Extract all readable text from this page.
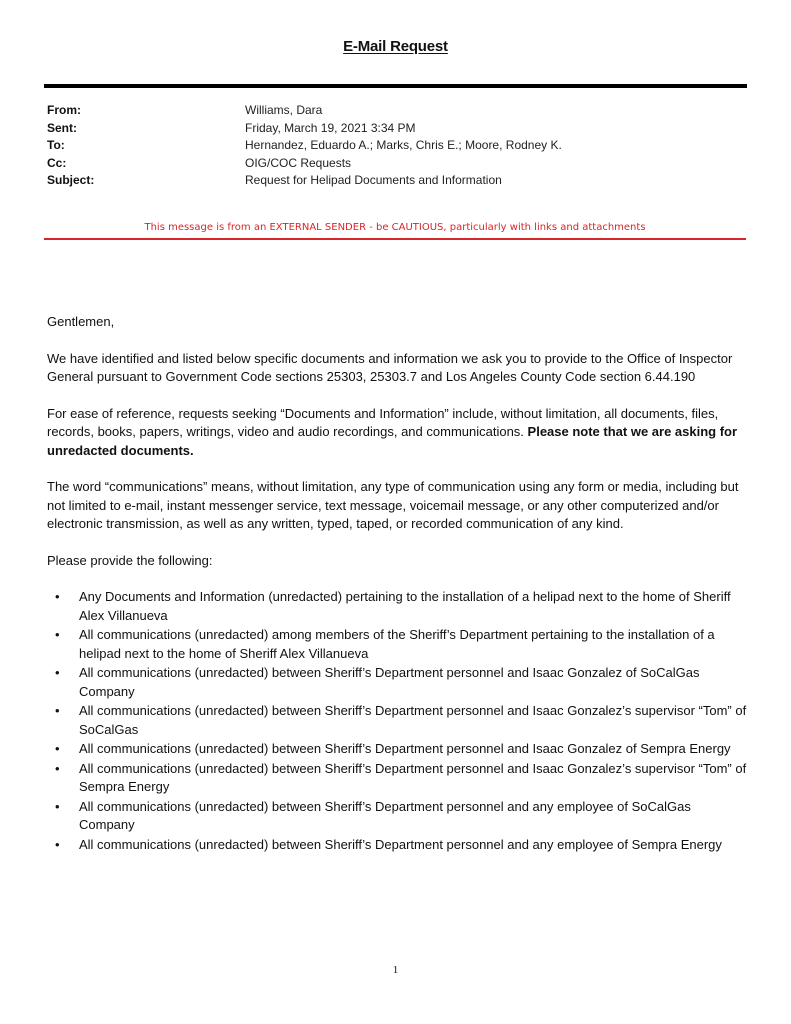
E-Mail Request
From:	Williams, Dara
Sent:	Friday, March 19, 2021 3:34 PM
To:	Hernandez, Eduardo A.; Marks, Chris E.; Moore, Rodney K.
Cc:	OIG/COC Requests
Subject:	Request for Helipad Documents and Information
This message is from an EXTERNAL SENDER - be CAUTIOUS, particularly with links and attachments

Gentlemen,

We have identified and listed below specific documents and information we ask you to provide to the Office of Inspector General pursuant to Government Code sections 25303, 25303.7 and Los Angeles County Code section 6.44.190

For ease of reference, requests seeking “Documents and Information” include, without limitation, all documents, files, records, books, papers, writings, video and audio recordings, and communications. Please note that we are asking for unredacted documents.

The word “communications” means, without limitation, any type of communication using any form or media, including but not limited to e-mail, instant messenger service, text message, voicemail message, or any other computerized and/or electronic transmission, as well as any written, typed, taped, or recorded communication of any kind.

Please provide the following:

• Any Documents and Information (unredacted) pertaining to the installation of a helipad next to the home of Sheriff Alex Villanueva
• All communications (unredacted) among members of the Sheriff’s Department pertaining to the installation of a helipad next to the home of Sheriff Alex Villanueva
• All communications (unredacted) between Sheriff’s Department personnel and Isaac Gonzalez of SoCalGas Company
• All communications (unredacted) between Sheriff’s Department personnel and Isaac Gonzalez’s supervisor “Tom” of SoCalGas
• All communications (unredacted) between Sheriff’s Department personnel and Isaac Gonzalez of Sempra Energy
• All communications (unredacted) between Sheriff’s Department personnel and Isaac Gonzalez’s supervisor “Tom” of Sempra Energy
• All communications (unredacted) between Sheriff’s Department personnel and any employee of SoCalGas Company
• All communications (unredacted) between Sheriff’s Department personnel and any employee of Sempra Energy
1
